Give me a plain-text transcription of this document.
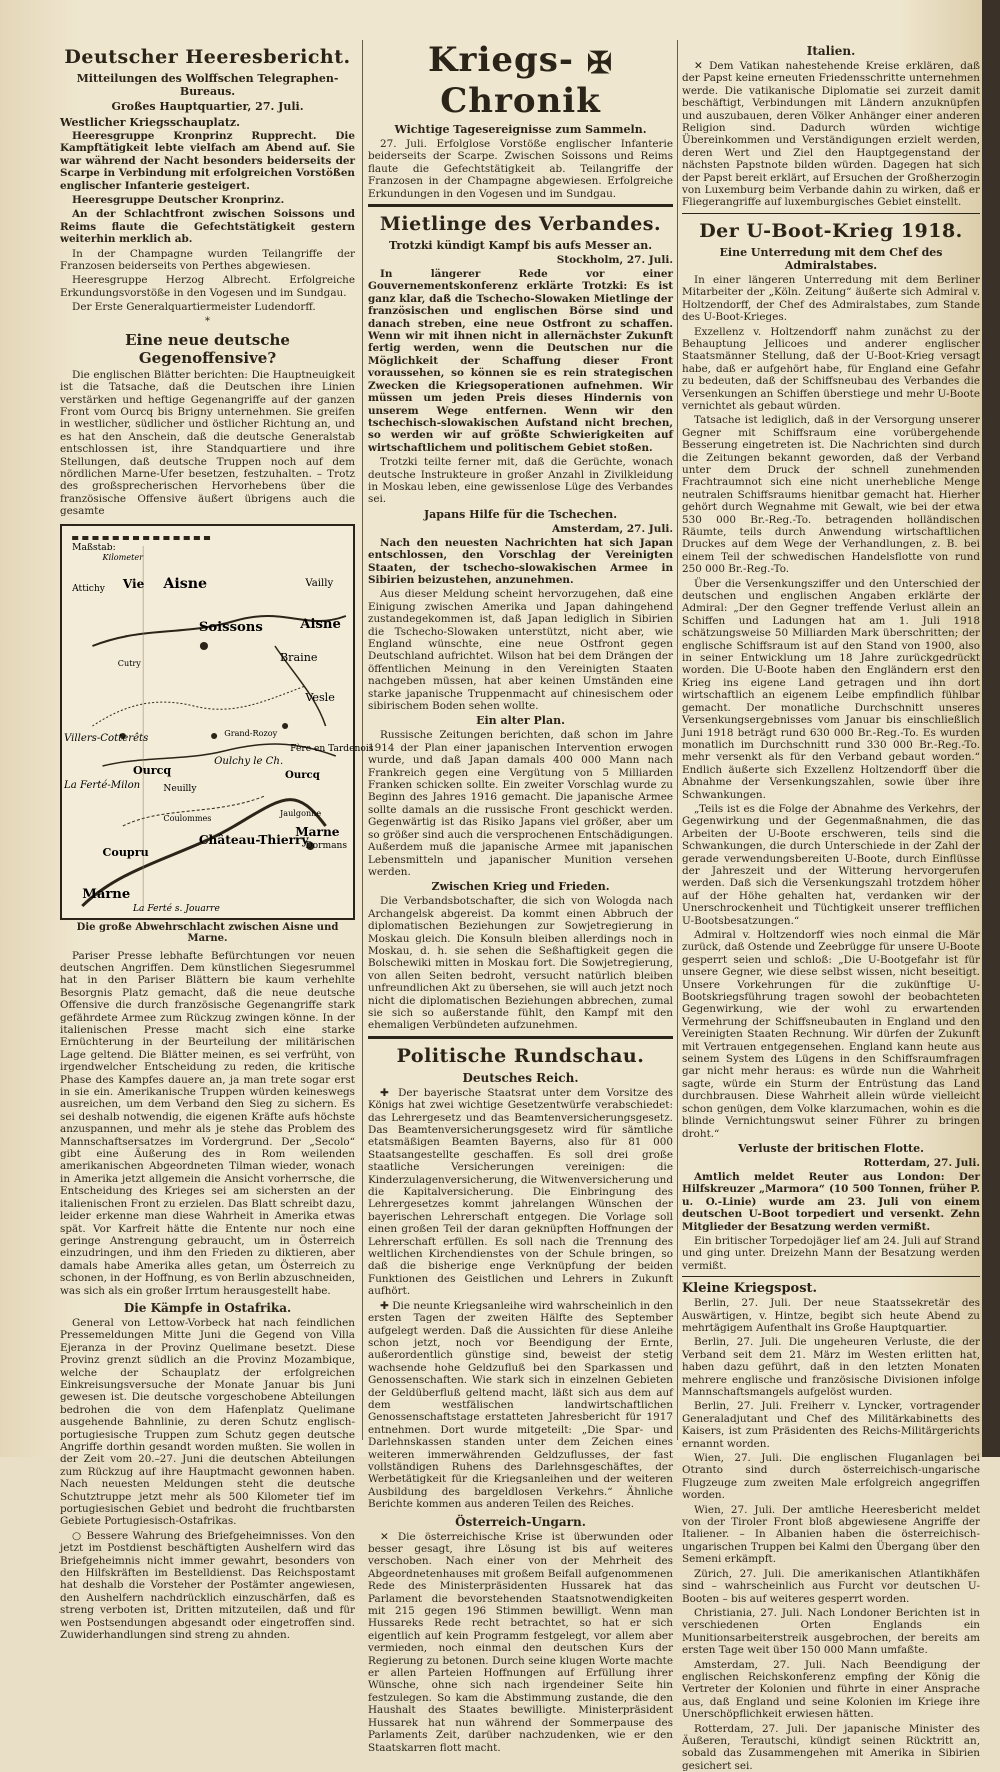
Deutscher Heeresbericht.
Mitteilungen des Wolffschen Telegraphen-Bureaus.
Großes Hauptquartier, 27. Juli.
Westlicher Kriegsschauplatz.

Heeresgruppe Kronprinz Rupprecht. Die Kampftätigkeit lebte vielfach am Abend auf. Sie war während der Nacht besonders beiderseits der Scarpe in Verbindung mit erfolgreichen Vorstößen englischer Infanterie gesteigert.

Heeresgruppe Deutscher Kronprinz.

An der Schlachtfront zwischen Soissons und Reims flaute die Gefechtstätigkeit gestern weiterhin merklich ab.

In der Champagne wurden Teilangriffe der Franzosen beiderseits von Perthes abgewiesen.

Heeresgruppe Herzog Albrecht. Erfolgreiche Erkundungsvorstöße in den Vogesen und im Sundgau.

Der Erste Generalquartiermeister Ludendorff.

*
Eine neue deutsche Gegenoffensive?

Die englischen Blätter berichten: Die Hauptneuigkeit ist die Tatsache, daß die Deutschen ihre Linien verstärken und heftige Gegenangriffe auf der ganzen Front vom Ourcq bis Brigny unternehmen. Sie greifen in westlicher, südlicher und östlicher Richtung an, und es hat den Anschein, daß die deutsche Generalstab entschlossen ist, ihre Standquartiere und ihre Stellungen, daß deutsche Truppen noch auf dem nördlichen Marne-Ufer besetzen, festzuhalten. – Trotz des großsprecherischen Hervorhebens über die französische Offensive äußert übrigens auch die gesamte

Maßstab:
Kilometer
Attichy Vie Aisne	Vailly
Soissons	Aisne
Braine
Vesle
Villers-Cotterêts
Cutry
Fère en Tardenois
La Ferté-Milon
Ourcq
Oulchy le Ch.
Neuilly
Grand-Rozoy
Ourcq
Château-Thierry
Jaulgonne
Marne
Dormans
Coulommes
Marne
La Ferté s. Jouarre
Coupru
Die große Abwehrschlacht zwischen Aisne und Marne.

Pariser Presse lebhafte Befürchtungen vor neuen deutschen Angriffen. Dem künstlichen Siegesrummel hat in den Pariser Blättern bie kaum verhehlte Besorgnis Platz gemacht, daß die neue deutsche Offensive die durch französische Gegenangriffe stark gefährdete Armee zum Rückzug zwingen könne. In der italienischen Presse macht sich eine starke Ernüchterung in der Beurteilung der militärischen Lage geltend. Die Blätter meinen, es sei verfrüht, von irgendwelcher Entscheidung zu reden, die kritische Phase des Kampfes dauere an, ja man trete sogar erst in sie ein. Amerikanische Truppen würden keineswegs ausreichen, um dem Verband den Sieg zu sichern. Es sei deshalb notwendig, die eigenen Kräfte aufs höchste anzuspannen, und mehr als je stehe das Problem des Mannschaftsersatzes im Vordergrund. Der „Secolo“ gibt eine Äußerung des in Rom weilenden amerikanischen Abgeordneten Tilman wieder, wonach in Amerika jetzt allgemein die Ansicht vorherrsche, die Entscheidung des Krieges sei am sichersten an der italienischen Front zu erzielen. Das Blatt schreibt dazu, leider erkenne man diese Wahrheit in Amerika etwas spät. Vor Karfreit hätte die Entente nur noch eine geringe Anstrengung gebraucht, um in Österreich einzudringen, und ihm den Frieden zu diktieren, aber damals habe Amerika alles getan, um Österreich zu schonen, in der Hoffnung, es von Berlin abzuschneiden, was sich als ein großer Irrtum herausgestellt habe.

Die Kämpfe in Ostafrika.

General von Lettow-Vorbeck hat nach feindlichen Pressemeldungen Mitte Juni die Gegend von Villa Ejeranza in der Provinz Quelimane besetzt. Diese Provinz grenzt südlich an die Provinz Mozambique, welche der Schauplatz der erfolgreichen Einkreisungsversuche der Monate Januar bis Juni gewesen ist. Die deutsche vorgeschobene Abteilungen bedrohen die von dem Hafenplatz Quelimane ausgehende Bahnlinie, zu deren Schutz englisch-portugiesische Truppen zum Schutz gegen deutsche Angriffe dorthin gesandt worden mußten. Sie wollen in der Zeit vom 20.–27. Juni die deutschen Abteilungen zum Rückzug auf ihre Hauptmacht gewonnen haben. Nach neuesten Meldungen steht die deutsche Schutztruppe jetzt mehr als 500 Kilometer tief im portugiesischen Gebiet und bedroht die fruchtbarsten Gebiete Portugiesisch-Ostafrikas.

○ Bessere Wahrung des Briefgeheimnisses. Von den jetzt im Postdienst beschäftigten Aushelfern wird das Briefgeheimnis nicht immer gewahrt, besonders von den Hilfskräften im Bestelldienst. Das Reichspostamt hat deshalb die Vorsteher der Postämter angewiesen, den Aushelfern nachdrücklich einzuschärfen, daß es streng verboten ist, Dritten mitzuteilen, daß und für wen Postsendungen abgesandt oder eingetroffen sind. Zuwiderhandlungen sind streng zu ahnden.

Kriegs- ✠ Chronik
Wichtige Tagesereignisse zum Sammeln.

27. Juli. Erfolglose Vorstöße englischer Infanterie beiderseits der Scarpe. Zwischen Soissons und Reims flaute die Gefechtstätigkeit ab. Teilangriffe der Franzosen in der Champagne abgewiesen. Erfolgreiche Erkundungen in den Vogesen und im Sundgau.

Mietlinge des Verbandes.
Trotzki kündigt Kampf bis aufs Messer an.
Stockholm, 27. Juli.

In längerer Rede vor einer Gouvernementskonferenz erklärte Trotzki: Es ist ganz klar, daß die Tschecho-Slowaken Mietlinge der französischen und englischen Börse sind und danach streben, eine neue Ostfront zu schaffen. Wenn wir mit ihnen nicht in allernächster Zukunft fertig werden, wenn die Deutschen nur die Möglichkeit der Schaffung dieser Front voraussehen, so können sie es rein strategischen Zwecken die Kriegsoperationen aufnehmen. Wir müssen um jeden Preis dieses Hindernis von unserem Wege entfernen. Wenn wir den tschechisch-slowakischen Aufstand nicht brechen, so werden wir auf größte Schwierigkeiten auf wirtschaftlichem und politischem Gebiet stoßen.

Trotzki teilte ferner mit, daß die Gerüchte, wonach deutsche Instrukteure in großer Anzahl in Zivilkleidung in Moskau leben, eine gewissenlose Lüge des Verbandes sei.

Japans Hilfe für die Tschechen.
Amsterdam, 27. Juli.

Nach den neuesten Nachrichten hat sich Japan entschlossen, den Vorschlag der Vereinigten Staaten, der tschecho-slowakischen Armee in Sibirien beizustehen, anzunehmen.

Aus dieser Meldung scheint hervorzugehen, daß eine Einigung zwischen Amerika und Japan dahingehend zustandegekommen ist, daß Japan lediglich in Sibirien die Tschecho-Slowaken unterstützt, nicht aber, wie England wünschte, eine neue Ostfront gegen Deutschland aufrichtet. Wilson hat bei dem Drängen der öffentlichen Meinung in den Vereinigten Staaten nachgeben müssen, hat aber keinen Umständen eine starke japanische Truppenmacht auf chinesischem oder sibirischem Boden sehen wollte.

Ein alter Plan.

Russische Zeitungen berichten, daß schon im Jahre 1914 der Plan einer japanischen Intervention erwogen wurde, und daß Japan damals 400 000 Mann nach Frankreich gegen eine Vergütung von 5 Milliarden Franken schicken sollte. Ein zweiter Vorschlag wurde zu Beginn des Jahres 1916 gemacht. Die japanische Armee sollte damals an die russische Front geschickt werden. Gegenwärtig ist das Risiko Japans viel größer, aber um so größer sind auch die versprochenen Entschädigungen. Außerdem muß die japanische Armee mit japanischen Lebensmitteln und japanischer Munition versehen werden.

Zwischen Krieg und Frieden.

Die Verbandsbotschafter, die sich von Wologda nach Archangelsk abgereist. Da kommt einen Abbruch der diplomatischen Beziehungen zur Sowjetregierung in Moskau gleich. Die Konsuln bleiben allerdings noch in Moskau, d. h. sie sehen die Seßhaftigkeit gegen die Bolschewiki mitten in Moskau fort. Die Sowjetregierung, von allen Seiten bedroht, versucht natürlich bleiben unfreundlichen Akt zu übersehen, sie will auch jetzt noch nicht die diplomatischen Beziehungen abbrechen, zumal sie sich so außerstande fühlt, den Kampf mit den ehemaligen Verbündeten aufzunehmen.

Politische Rundschau.
Deutsches Reich.

✚ Der bayerische Staatsrat unter dem Vorsitze des Königs hat zwei wichtige Gesetzentwürfe verabschiedet: das Lehrergesetz und das Beamtenversicherungsgesetz. Das Beamtenversicherungsgesetz wird für sämtliche etatsmäßigen Beamten Bayerns, also für 81 000 Staatsangestellte geschaffen. Es soll drei große staatliche Versicherungen vereinigen: die Kinderzulagenversicherung, die Witwenversicherung und die Kapitalversicherung. Die Einbringung des Lehrergesetzes kommt jahrelangen Wünschen der bayerischen Lehrerschaft entgegen. Die Vorlage soll einen großen Teil der daran geknüpften Hoffnungen der Lehrerschaft erfüllen. Es soll nach die Trennung des weltlichen Kirchendienstes von der Schule bringen, so daß die bisherige enge Verknüpfung der beiden Funktionen des Geistlichen und Lehrers in Zukunft aufhört.

✚ Die neunte Kriegsanleihe wird wahrscheinlich in den ersten Tagen der zweiten Hälfte des September aufgelegt werden. Daß die Aussichten für diese Anleihe schon jetzt, noch vor Beendigung der Ernte, außerordentlich günstige sind, beweist der stetig wachsende hohe Geldzufluß bei den Sparkassen und Genossenschaften. Wie stark sich in einzelnen Gebieten der Geldüberfluß geltend macht, läßt sich aus dem auf dem westfälischen landwirtschaftlichen Genossenschaftstage erstatteten Jahresbericht für 1917 entnehmen. Dort wurde mitgeteilt: „Die Spar- und Darlehnskassen standen unter dem Zeichen eines weiteren immerwährenden Geldzuflusses, der fast vollständigen Ruhens des Darlehnsgeschäftes, der Werbetätigkeit für die Kriegsanleihen und der weiteren Ausbildung des bargeldlosen Verkehrs.“ Ähnliche Berichte kommen aus anderen Teilen des Reiches.

Österreich-Ungarn.

✕ Die österreichische Krise ist überwunden oder besser gesagt, ihre Lösung ist bis auf weiteres verschoben. Nach einer von der Mehrheit des Abgeordnetenhauses mit großem Beifall aufgenommenen Rede des Ministerpräsidenten Hussarek hat das Parlament die bevorstehenden Staatsnotwendigkeiten mit 215 gegen 196 Stimmen bewilligt. Wenn man Hussareks Rede recht betrachtet, so hat er sich eigentlich auf kein Programm festgelegt, vor allem aber vermieden, noch einmal den deutschen Kurs der Regierung zu betonen. Durch seine klugen Worte machte er allen Parteien Hoffnungen auf Erfüllung ihrer Wünsche, ohne sich nach irgendeiner Seite hin festzulegen. So kam die Abstimmung zustande, die den Haushalt des Staates bewilligte. Ministerpräsident Hussarek hat nun während der Sommerpause des Parlaments Zeit, darüber nachzudenken, wie er den Staatskarren flott macht.

Italien.

✕ Dem Vatikan nahestehende Kreise erklären, daß der Papst keine erneuten Friedensschritte unternehmen werde. Die vatikanische Diplomatie sei zurzeit damit beschäftigt, Verbindungen mit Ländern anzuknüpfen und auszubauen, deren Völker Anhänger einer anderen Religion sind. Dadurch würden wichtige Übereinkommen und Verständigungen erzielt werden, deren Wert und Ziel den Hauptgegenstand der nächsten Papstnote bilden würden. Dagegen hat sich der Papst bereit erklärt, auf Ersuchen der Großherzogin von Luxemburg beim Verbande dahin zu wirken, daß er Fliegerangriffe auf luxemburgisches Gebiet einstellt.

Der U-Boot-Krieg 1918.
Eine Unterredung mit dem Chef des Admiralstabes.

In einer längeren Unterredung mit dem Berliner Mitarbeiter der „Köln. Zeitung“ äußerte sich Admiral v. Holtzendorff, der Chef des Admiralstabes, zum Stande des U-Boot-Krieges.

Exzellenz v. Holtzendorff nahm zunächst zu der Behauptung Jellicoes und anderer englischer Staatsmänner Stellung, daß der U-Boot-Krieg versagt habe, daß er aufgehört habe, für England eine Gefahr zu bedeuten, daß der Schiffsneubau des Verbandes die Versenkungen an Schiffen überstiege und mehr U-Boote vernichtet als gebaut würden.

Tatsache ist lediglich, daß in der Versorgung unserer Gegner mit Schiffsraum eine vorübergehende Besserung eingetreten ist. Die Nachrichten sind durch die Zeitungen bekannt geworden, daß der Verband unter dem Druck der schnell zunehmenden Frachtraumnot sich eine nicht unerhebliche Menge neutralen Schiffsraums hienitbar gemacht hat. Hierher gehört durch Wegnahme mit Gewalt, wie bei der etwa 530 000 Br.-Reg.-To. betragenden holländischen Räumte, teils durch Anwendung wirtschaftlichen Druckes auf dem Wege der Verhandlungen, z. B. bei einem Teil der schwedischen Handelsflotte von rund 250 000 Br.-Reg.-To.

Über die Versenkungsziffer und den Unterschied der deutschen und englischen Angaben erklärte der Admiral: „Der den Gegner treffende Verlust allein an Schiffen und Ladungen hat am 1. Juli 1918 schätzungsweise 50 Milliarden Mark überschritten; der englische Schiffsraum ist auf den Stand von 1900, also in seiner Entwicklung um 18 Jahre zurückgedrückt worden. Die U-Boote haben den Engländern erst den Krieg ins eigene Land getragen und ihn dort wirtschaftlich an eigenem Leibe empfindlich fühlbar gemacht. Der monatliche Durchschnitt unseres Versenkungsergebnisses vom Januar bis einschließlich Juni 1918 beträgt rund 630 000 Br.-Reg.-To. Es wurden monatlich im Durchschnitt rund 330 000 Br.-Reg.-To. mehr versenkt als für den Verband gebaut worden.“ Endlich äußerte sich Exzellenz Holtzendorff über die Abnahme der Versenkungszahlen, sowie über ihre Schwankungen.

„Teils ist es die Folge der Abnahme des Verkehrs, der Gegenwirkung und der Gegenmaßnahmen, die das Arbeiten der U-Boote erschweren, teils sind die Schwankungen, die durch Unterschiede in der Zahl der gerade verwendungsbereiten U-Boote, durch Einflüsse der Jahreszeit und der Witterung hervorgerufen werden. Daß sich die Versenkungszahl trotzdem höher auf der Höhe gehalten hat, verdanken wir der Unerschrockenheit und Tüchtigkeit unserer trefflichen U-Bootsbesatzungen.“

Admiral v. Holtzendorff wies noch einmal die Mär zurück, daß Ostende und Zeebrügge für unsere U-Boote gesperrt seien und schloß: „Die U-Bootgefahr ist für unsere Gegner, wie diese selbst wissen, nicht beseitigt. Unsere Vorkehrungen für die zukünftige U-Bootskriegsführung tragen sowohl der beobachteten Gegenwirkung, wie der wohl zu erwartenden Vermehrung der Schiffsneubauten in England und den Vereinigten Staaten Rechnung. Wir dürfen der Zukunft mit Vertrauen entgegensehen. England kann heute aus seinem System des Lügens in den Schiffsraumfragen gar nicht mehr heraus: es würde nun die Wahrheit sagte, würde ein Sturm der Entrüstung das Land durchbrausen. Diese Wahrheit allein würde vielleicht schon genügen, dem Volke klarzumachen, wohin es die blinde Vernichtungswut seiner Führer zu bringen droht.“

Verluste der britischen Flotte.
Rotterdam, 27. Juli.

Amtlich meldet Reuter aus London: Der Hilfskreuzer „Marmora“ (10 500 Tonnen, früher P. u. O.-Linie) wurde am 23. Juli von einem deutschen U-Boot torpediert und versenkt. Zehn Mitglieder der Besatzung werden vermißt.

Ein britischer Torpedojäger lief am 24. Juli auf Strand und ging unter. Dreizehn Mann der Besatzung werden vermißt.

Kleine Kriegspost.

Berlin, 27. Juli. Der neue Staatssekretär des Auswärtigen, v. Hintze, begibt sich heute Abend zu mehrtägigem Aufenthalt ins Große Hauptquartier.

Berlin, 27. Juli. Die ungeheuren Verluste, die der Verband seit dem 21. März im Westen erlitten hat, haben dazu geführt, daß in den letzten Monaten mehrere englische und französische Divisionen infolge Mannschaftsmangels aufgelöst wurden.

Berlin, 27. Juli. Freiherr v. Lyncker, vortragender Generaladjutant und Chef des Militärkabinetts des Kaisers, ist zum Präsidenten des Reichs-Militärgerichts ernannt worden.

Wien, 27. Juli. Die englischen Fluganlagen bei Otranto sind durch österreichisch-ungarische Flugzeuge zum zweiten Male erfolgreich angegriffen worden.

Wien, 27. Juli. Der amtliche Heeresbericht meldet von der Tiroler Front bloß abgewiesene Angriffe der Italiener. – In Albanien haben die österreichisch-ungarischen Truppen bei Kalmi den Übergang über den Semeni erkämpft.

Zürich, 27. Juli. Die amerikanischen Atlantikhäfen sind – wahrscheinlich aus Furcht vor deutschen U-Booten – bis auf weiteres gesperrt worden.

Christiania, 27. Juli. Nach Londoner Berichten ist in verschiedenen Orten Englands ein Munitionsarbeiterstreik ausgebrochen, der bereits am ersten Tage weit über 150 000 Mann umfaßte.

Amsterdam, 27. Juli. Nach Beendigung der englischen Reichskonferenz empfing der König die Vertreter der Kolonien und führte in einer Ansprache aus, daß England und seine Kolonien im Kriege ihre Unerschöpflichkeit erwiesen hätten.

Rotterdam, 27. Juli. Der japanische Minister des Äußeren, Terautschi, kündigt seinen Rücktritt an, sobald das Zusammengehen mit Amerika in Sibirien gesichert sei.
